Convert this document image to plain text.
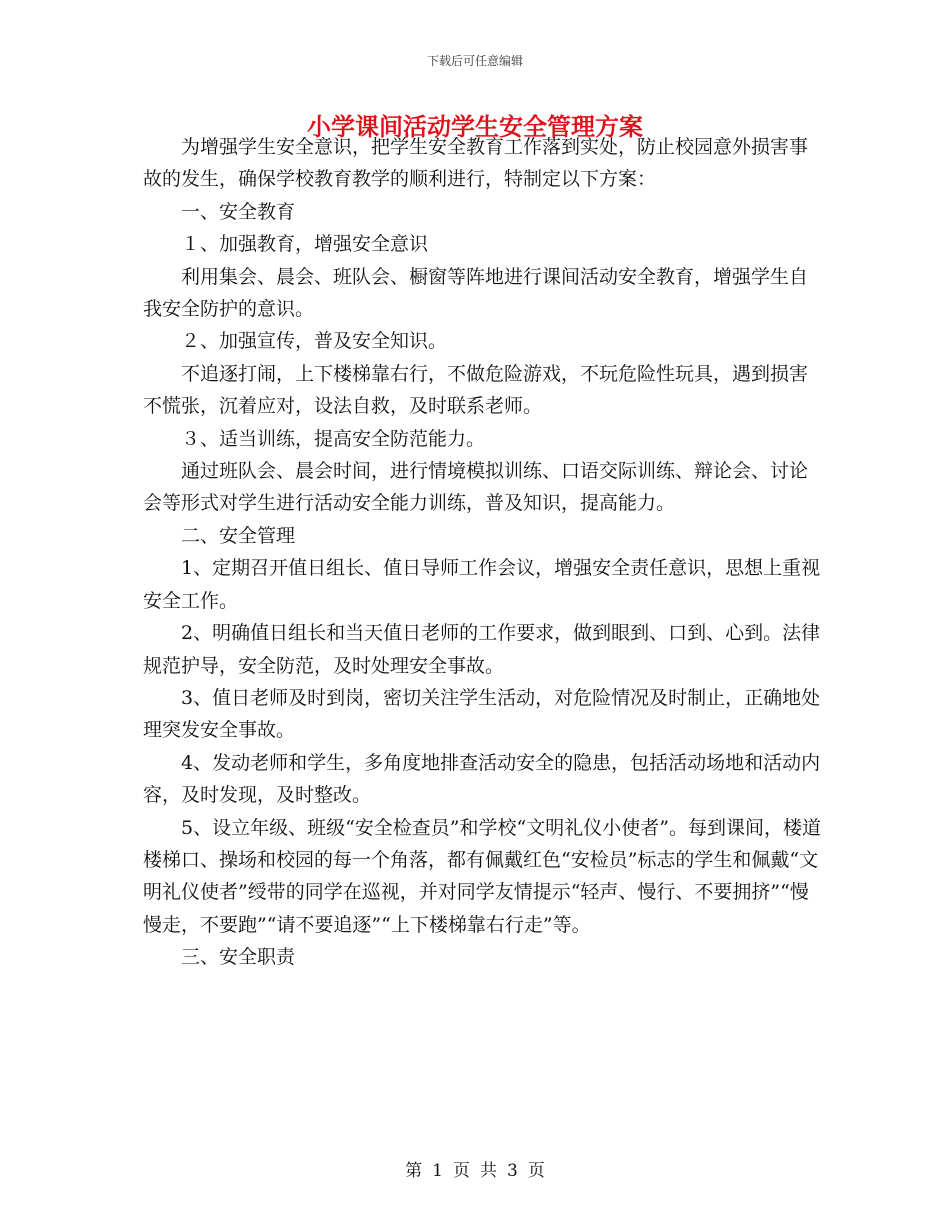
下载后可任意编辑
小学课间活动学生安全管理方案

为增强学生安全意识，把学生安全教育工作落到实处，防止校园意外损害事故的发生，确保学校教育教学的顺利进行，特制定以下方案：

一、安全教育

１、加强教育，增强安全意识

利用集会、晨会、班队会、橱窗等阵地进行课间活动安全教育，增强学生自我安全防护的意识。

２、加强宣传，普及安全知识。

不追逐打闹，上下楼梯靠右行，不做危险游戏，不玩危险性玩具，遇到损害不慌张，沉着应对，设法自救，及时联系老师。

３、适当训练，提高安全防范能力。

通过班队会、晨会时间，进行情境模拟训练、口语交际训练、辩论会、讨论会等形式对学生进行活动安全能力训练，普及知识，提高能力。

二、安全管理

1、定期召开值日组长、值日导师工作会议，增强安全责任意识，思想上重视安全工作。

2、明确值日组长和当天值日老师的工作要求，做到眼到、口到、心到。法律规范护导，安全防范，及时处理安全事故。

3、值日老师及时到岗，密切关注学生活动，对危险情况及时制止，正确地处理突发安全事故。

4、发动老师和学生，多角度地排查活动安全的隐患，包括活动场地和活动内容，及时发现，及时整改。

5、设立年级、班级“安全检查员”和学校“文明礼仪小使者”。每到课间，楼道楼梯口、操场和校园的每一个角落，都有佩戴红色“安检员”标志的学生和佩戴“文明礼仪使者”绶带的同学在巡视，并对同学友情提示“轻声、慢行、不要拥挤”“慢慢走，不要跑”“请不要追逐”“上下楼梯靠右行走”等。

三、安全职责

第 1 页 共 3 页
